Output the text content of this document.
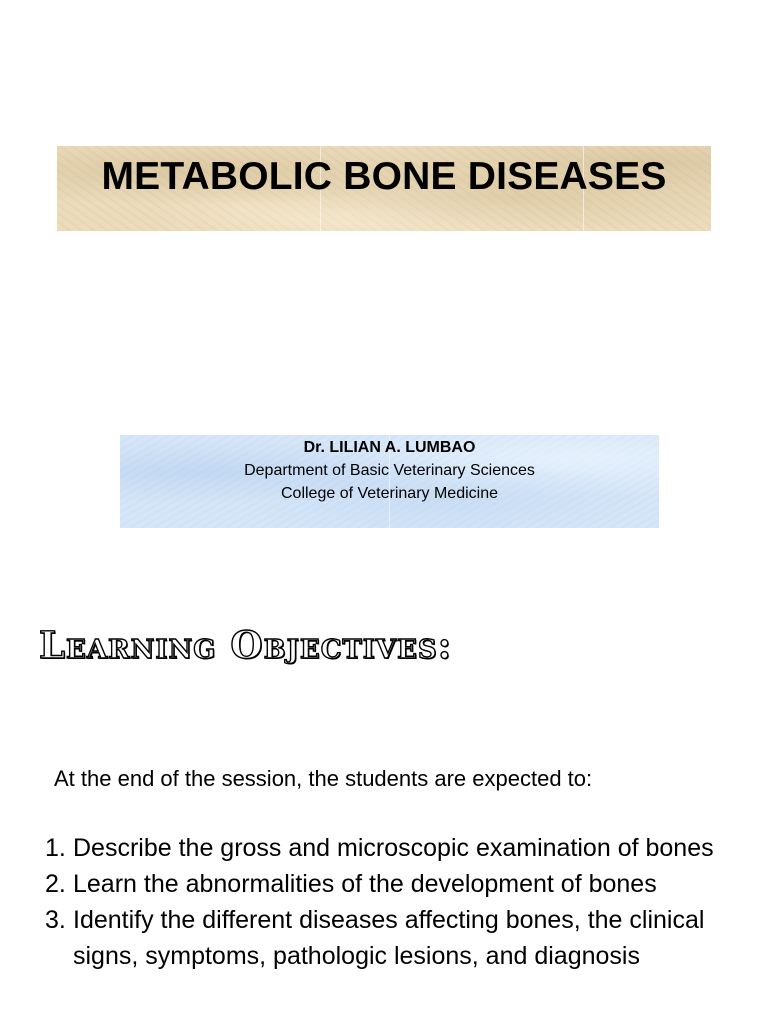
METABOLIC BONE DISEASES
Dr. LILIAN A. LUMBAO
Department of Basic Veterinary Sciences
College of Veterinary Medicine
Learning Objectives:
At the end of the session, the students are expected to:
1. Describe the gross and microscopic examination of bones
2. Learn the abnormalities of the development of bones
3. Identify the different diseases affecting bones, the clinical signs, symptoms, pathologic lesions, and diagnosis
